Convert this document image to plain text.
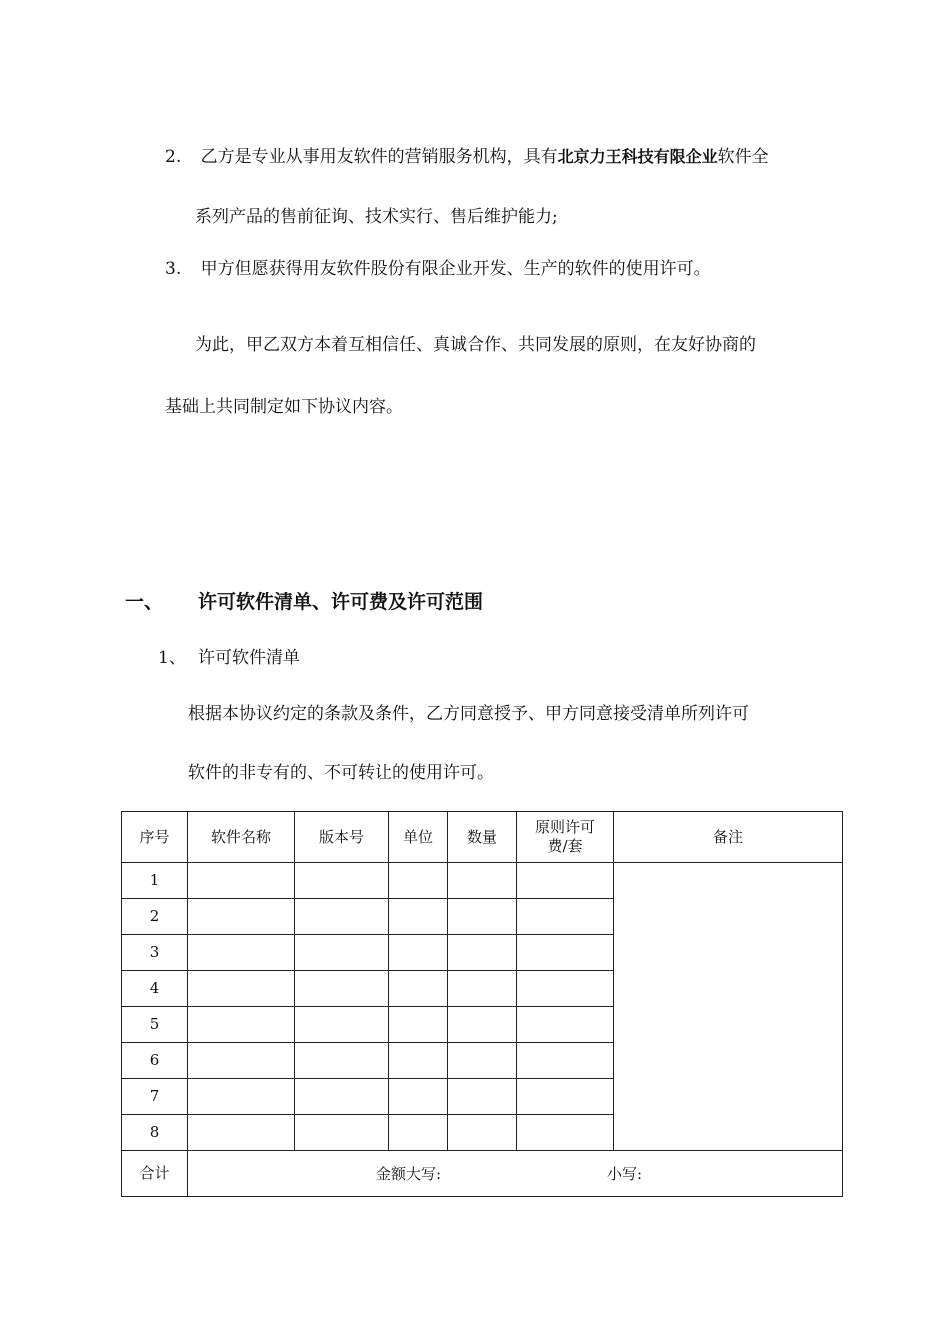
2. 乙方是专业从事用友软件的营销服务机构，具有北京力王科技有限企业软件全
系列产品的售前征询、技术实行、售后维护能力;
3. 甲方但愿获得用友软件股份有限企业开发、生产的软件的使用许可。
为此，甲乙双方本着互相信任、真诚合作、共同发展的原则，在友好协商的
基础上共同制定如下协议内容。
一、 许可软件清单、许可费及许可范围
1、 许可软件清单
根据本协议约定的条款及条件，乙方同意授予、甲方同意接受清单所列许可
软件的非专有的、不可转让的使用许可。
序号	软件名称	版本号	单位	数量	原则许可
费/套	备注
1						
2						
3						
4						
5						
6						
7						
8						
合计	金额大写: 小写:					
